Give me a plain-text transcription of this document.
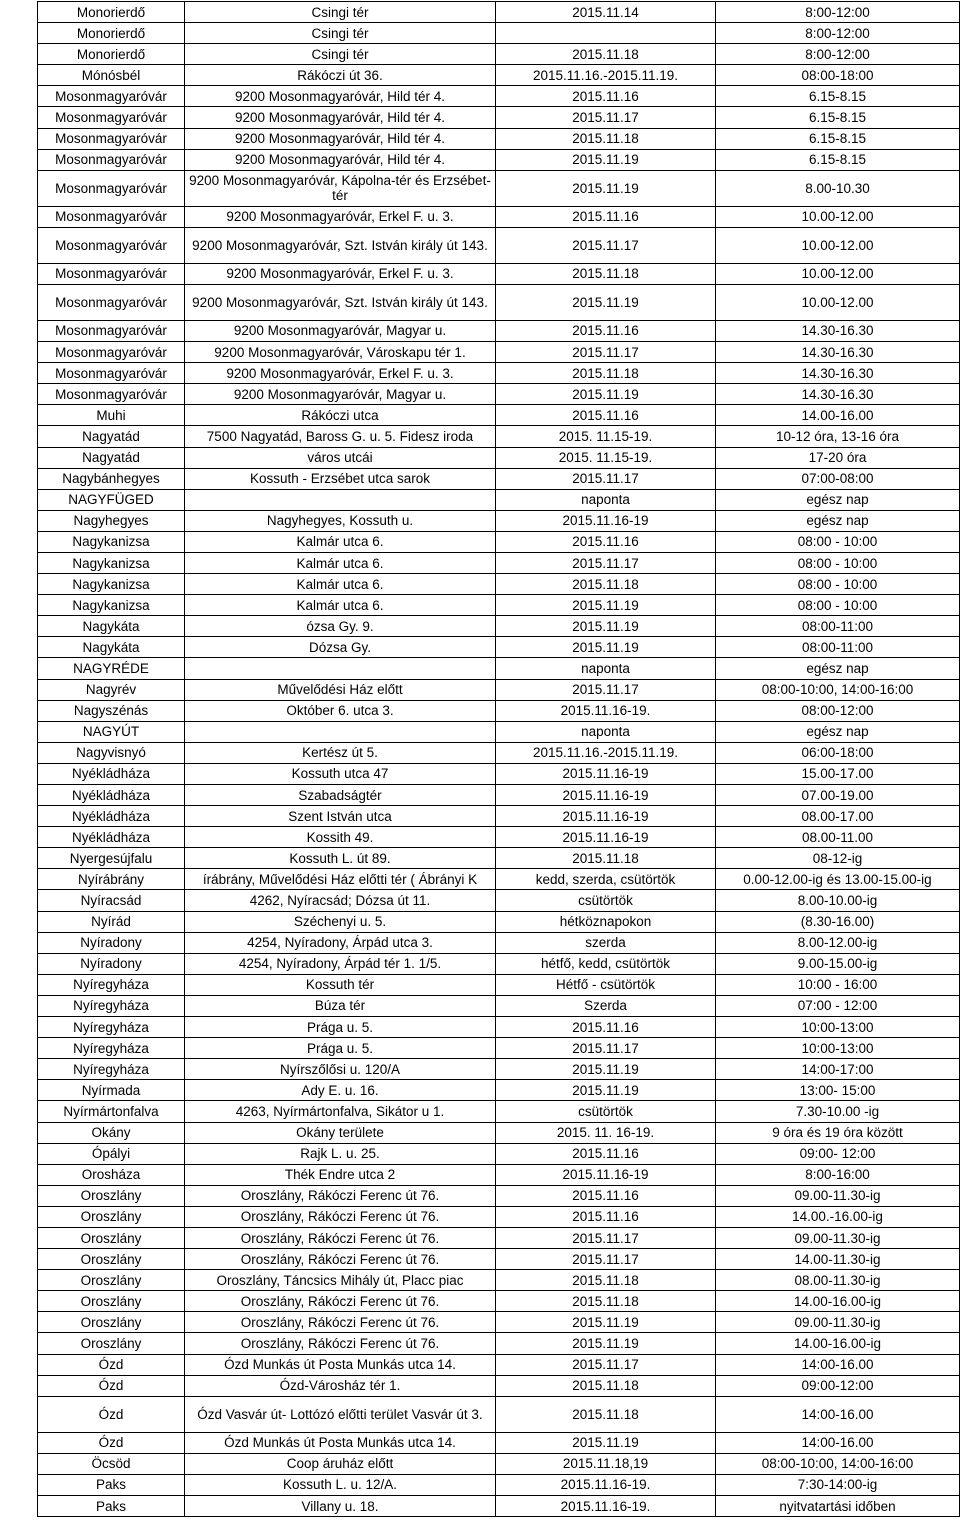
Monorierdő	Csingi tér	2015.11.14	8:00-12:00
Monorierdő	Csingi tér		8:00-12:00
Monorierdő	Csingi tér	2015.11.18	8:00-12:00
Mónósbél	Rákóczi út 36.	2015.11.16.-2015.11.19.	08:00-18:00
Mosonmagyaróvár	9200 Mosonmagyaróvár, Hild tér 4.	2015.11.16	6.15-8.15
Mosonmagyaróvár	9200 Mosonmagyaróvár, Hild tér 4.	2015.11.17	6.15-8.15
Mosonmagyaróvár	9200 Mosonmagyaróvár, Hild tér 4.	2015.11.18	6.15-8.15
Mosonmagyaróvár	9200 Mosonmagyaróvár, Hild tér 4.	2015.11.19	6.15-8.15
Mosonmagyaróvár	9200 Mosonmagyaróvár, Kápolna-tér és Erzsébet-tér	2015.11.19	8.00-10.30
Mosonmagyaróvár	9200 Mosonmagyaróvár, Erkel F. u. 3.	2015.11.16	10.00-12.00
Mosonmagyaróvár	9200 Mosonmagyaróvár, Szt. István király út 143.	2015.11.17	10.00-12.00
Mosonmagyaróvár	9200 Mosonmagyaróvár, Erkel F. u. 3.	2015.11.18	10.00-12.00
Mosonmagyaróvár	9200 Mosonmagyaróvár, Szt. István király út 143.	2015.11.19	10.00-12.00
Mosonmagyaróvár	9200 Mosonmagyaróvár, Magyar u.	2015.11.16	14.30-16.30
Mosonmagyaróvár	9200 Mosonmagyaróvár, Városkapu tér 1.	2015.11.17	14.30-16.30
Mosonmagyaróvár	9200 Mosonmagyaróvár, Erkel F. u. 3.	2015.11.18	14.30-16.30
Mosonmagyaróvár	9200 Mosonmagyaróvár, Magyar u.	2015.11.19	14.30-16.30
Muhi	Rákóczi utca	2015.11.16	14.00-16.00
Nagyatád	7500 Nagyatád, Baross G. u. 5. Fidesz iroda	2015. 11.15-19.	10-12 óra, 13-16 óra
Nagyatád	város utcái	2015. 11.15-19.	17-20 óra
Nagybánhegyes	Kossuth - Erzsébet utca sarok	2015.11.17	07:00-08:00
NAGYFÜGED		naponta	egész nap
Nagyhegyes	Nagyhegyes, Kossuth u.	2015.11.16-19	egész nap
Nagykanizsa	Kalmár utca 6.	2015.11.16	08:00 - 10:00
Nagykanizsa	Kalmár utca 6.	2015.11.17	08:00 - 10:00
Nagykanizsa	Kalmár utca 6.	2015.11.18	08:00 - 10:00
Nagykanizsa	Kalmár utca 6.	2015.11.19	08:00 - 10:00
Nagykáta	ózsa Gy. 9.	2015.11.19	08:00-11:00
Nagykáta	Dózsa Gy.	2015.11.19	08:00-11:00
NAGYRÉDE		naponta	egész nap
Nagyrév	Művelődési Ház előtt	2015.11.17	08:00-10:00, 14:00-16:00
Nagyszénás	Október 6. utca 3.	2015.11.16-19.	08:00-12:00
NAGYÚT		naponta	egész nap
Nagyvisnyó	Kertész út 5.	2015.11.16.-2015.11.19.	06:00-18:00
Nyékládháza	Kossuth utca 47	2015.11.16-19	15.00-17.00
Nyékládháza	Szabadságtér	2015.11.16-19	07.00-19.00
Nyékládháza	Szent István utca	2015.11.16-19	08.00-17.00
Nyékládháza	Kossith 49.	2015.11.16-19	08.00-11.00
Nyergesújfalu	Kossuth L. út 89.	2015.11.18	08-12-ig
Nyírábrány	írábrány, Művelődési Ház előtti tér ( Ábrányi K	kedd, szerda, csütörtök	0.00-12.00-ig és 13.00-15.00-ig
Nyíracsád	4262, Nyíracsád; Dózsa út 11.	csütörtök	8.00-10.00-ig
Nyírád	Széchenyi u. 5.	hétköznapokon	(8.30-16.00)
Nyíradony	4254, Nyíradony, Árpád utca 3.	szerda	8.00-12.00-ig
Nyíradony	4254, Nyíradony, Árpád tér 1. 1/5.	hétfő, kedd, csütörtök	9.00-15.00-ig
Nyíregyháza	Kossuth tér	Hétfő - csütörtök	10:00 - 16:00
Nyíregyháza	Búza tér	Szerda	07:00 - 12:00
Nyíregyháza	Prága u. 5.	2015.11.16	10:00-13:00
Nyíregyháza	Prága u. 5.	2015.11.17	10:00-13:00
Nyíregyháza	Nyírszőlősi u. 120/A	2015.11.19	14:00-17:00
Nyírmada	Ady E. u. 16.	2015.11.19	13:00- 15:00
Nyírmártonfalva	4263, Nyírmártonfalva, Sikátor u 1.	csütörtök	7.30-10.00 -ig
Okány	Okány területe	2015. 11. 16-19.	9 óra és 19 óra között
Ópályi	Rajk L. u. 25.	2015.11.16	09:00- 12:00
Orosháza	Thék Endre utca 2	2015.11.16-19	8:00-16:00
Oroszlány	Oroszlány, Rákóczi Ferenc út 76.	2015.11.16	09.00-11.30-ig
Oroszlány	Oroszlány, Rákóczi Ferenc út 76.	2015.11.16	14.00.-16.00-ig
Oroszlány	Oroszlány, Rákóczi Ferenc út 76.	2015.11.17	09.00-11.30-ig
Oroszlány	Oroszlány, Rákóczi Ferenc út 76.	2015.11.17	14.00-11.30-ig
Oroszlány	Oroszlány, Táncsics Mihály út, Placc piac	2015.11.18	08.00-11.30-ig
Oroszlány	Oroszlány, Rákóczi Ferenc út 76.	2015.11.18	14.00-16.00-ig
Oroszlány	Oroszlány, Rákóczi Ferenc út 76.	2015.11.19	09.00-11.30-ig
Oroszlány	Oroszlány, Rákóczi Ferenc út 76.	2015.11.19	14.00-16.00-ig
Ózd	Ózd Munkás út Posta Munkás utca 14.	2015.11.17	14:00-16.00
Ózd	Ózd-Városház tér 1.	2015.11.18	09:00-12:00
Ózd	Ózd Vasvár út- Lottózó előtti terület Vasvár út 3.	2015.11.18	14:00-16.00
Ózd	Ózd Munkás út Posta Munkás utca 14.	2015.11.19	14:00-16.00
Öcsöd	Coop áruház előtt	2015.11.18,19	08:00-10:00, 14:00-16:00
Paks	Kossuth L. u. 12/A.	2015.11.16-19.	7:30-14:00-ig
Paks	Villany u. 18.	2015.11.16-19.	nyitvatartási időben
